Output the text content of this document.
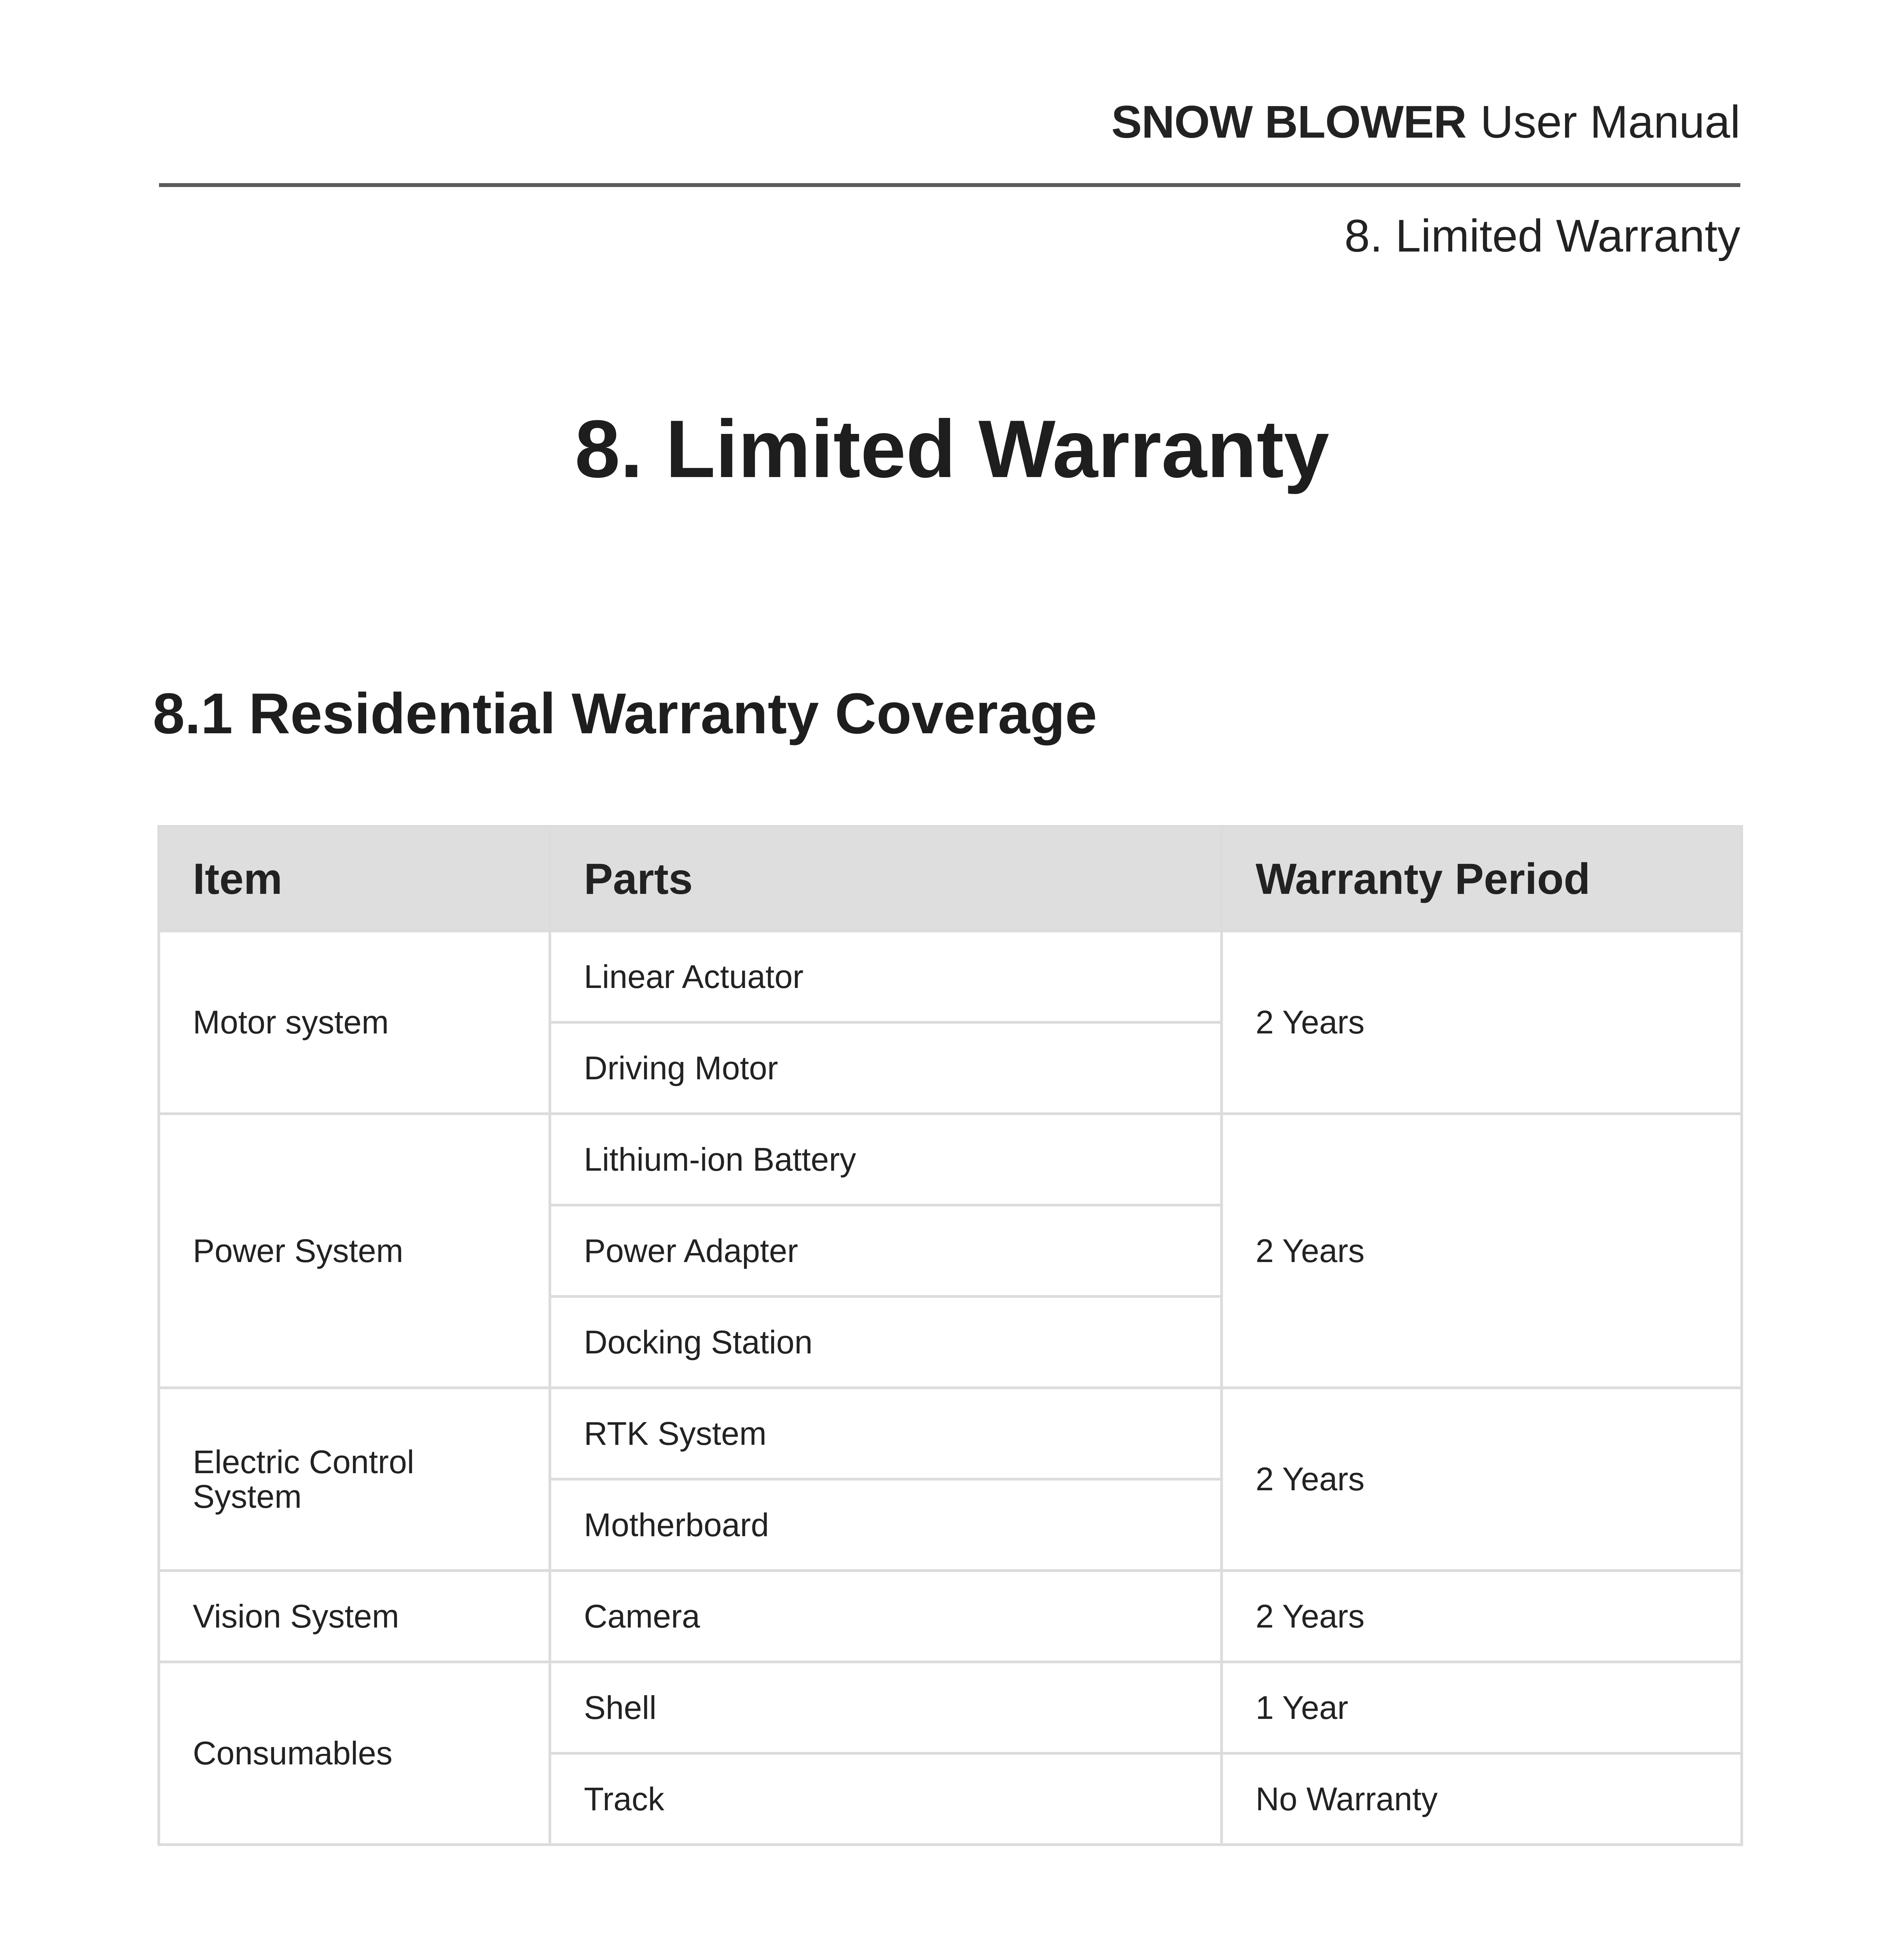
SNOW BLOWER User Manual
8. Limited Warranty
8. Limited Warranty
8.1 Residential Warranty Coverage
Item	Parts	Warranty Period
Motor system	Linear Actuator	2 Years
	Driving Motor	
Power System	Lithium-ion Battery	2 Years
	Power Adapter	
	Docking Station	
Electric Control System	RTK System	2 Years
	Motherboard	
Vision System	Camera	2 Years
Consumables	Shell	1 Year
	Track	No Warranty
